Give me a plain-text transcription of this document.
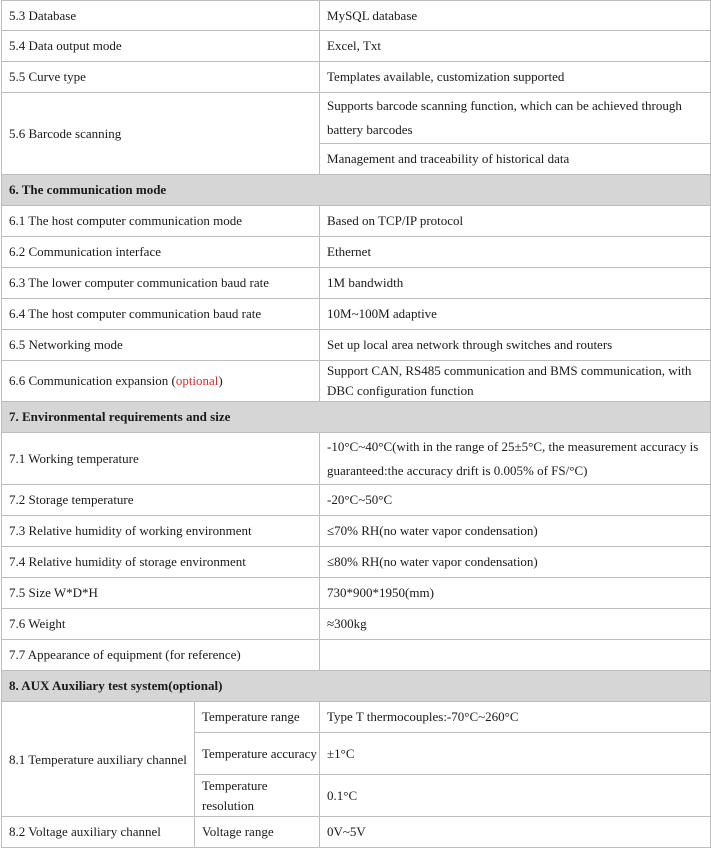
5.3 Database		MySQL database
5.4 Data output mode		Excel, Txt
5.5 Curve type		Templates available, customization supported
5.6 Barcode scanning		Supports barcode scanning function, which can be achieved through battery barcodes
		Management and traceability of historical data
6. The communication mode		
6.1 The host computer communication mode		Based on TCP/IP protocol
6.2 Communication interface		Ethernet
6.3 The lower computer communication baud rate		1M bandwidth
6.4 The host computer communication baud rate		10M~100M adaptive
6.5 Networking mode		Set up local area network through switches and routers
6.6 Communication expansion (optional)		Support CAN, RS485 communication and BMS communication, with DBC configuration function
7. Environmental requirements and size		
7.1 Working temperature		-10°C~40°C(with in the range of 25±5°C, the measurement accuracy is guaranteed:the accuracy drift is 0.005% of FS/°C)
7.2 Storage temperature		-20°C~50°C
7.3 Relative humidity of working environment		≤70% RH(no water vapor condensation)
7.4 Relative humidity of storage environment		≤80% RH(no water vapor condensation)
7.5 Size W*D*H		730*900*1950(mm)
7.6 Weight		≈300kg
7.7 Appearance of equipment (for reference)		
8. AUX Auxiliary test system(optional)		
8.1 Temperature auxiliary channel	Temperature range	Type T thermocouples:-70°C~260°C
	Temperature accuracy	±1°C
	Temperature resolution	0.1°C
8.2 Voltage auxiliary channel	Voltage range	0V~5V
